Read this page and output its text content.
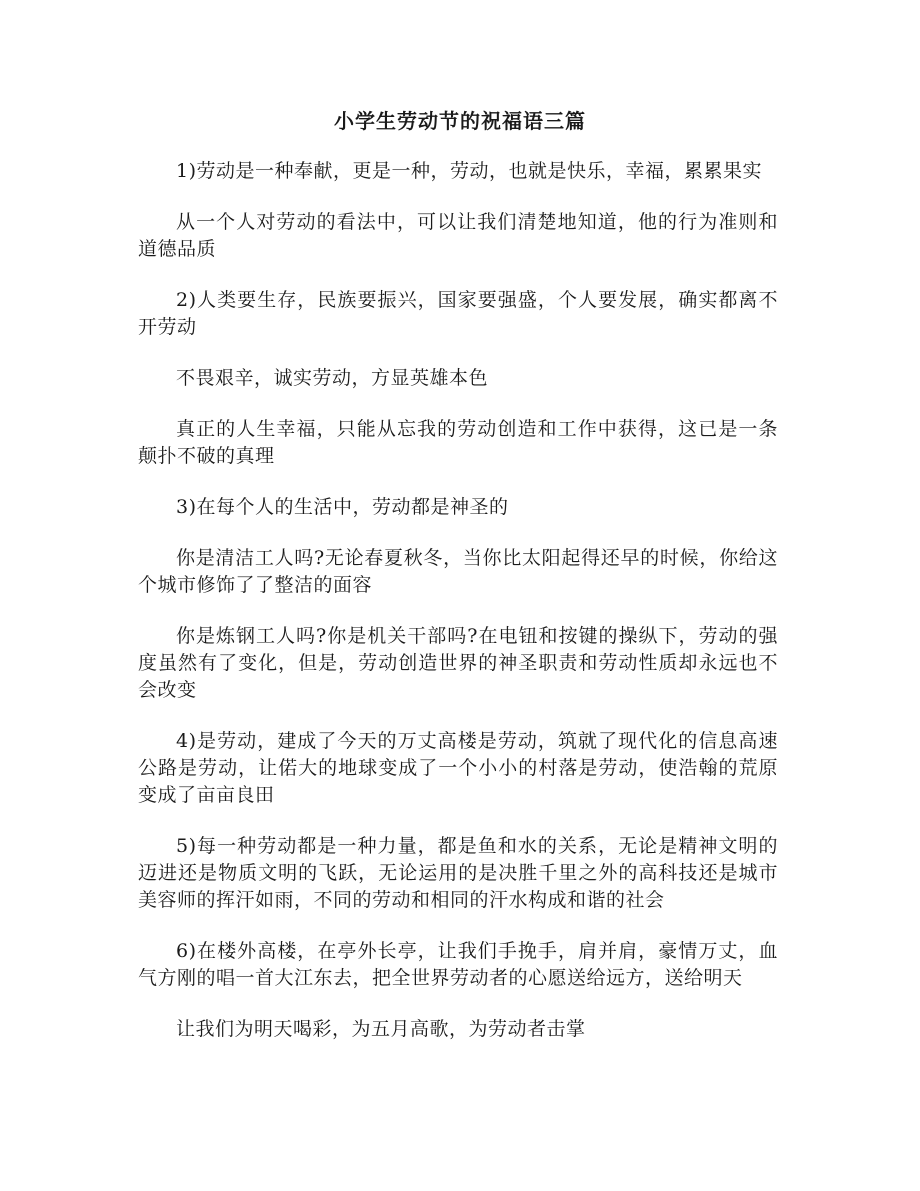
小学生劳动节的祝福语三篇

1)劳动是一种奉献，更是一种，劳动，也就是快乐，幸福，累累果实

从一个人对劳动的看法中，可以让我们清楚地知道，他的行为准则和道德品质

2)人类要生存，民族要振兴，国家要强盛，个人要发展，确实都离不开劳动

不畏艰辛，诚实劳动，方显英雄本色

真正的人生幸福，只能从忘我的劳动创造和工作中获得，这已是一条颠扑不破的真理

3)在每个人的生活中，劳动都是神圣的

你是清洁工人吗?无论春夏秋冬，当你比太阳起得还早的时候，你给这个城市修饰了了整洁的面容

你是炼钢工人吗?你是机关干部吗?在电钮和按键的操纵下，劳动的强度虽然有了变化，但是，劳动创造世界的神圣职责和劳动性质却永远也不会改变

4)是劳动，建成了今天的万丈高楼是劳动，筑就了现代化的信息高速公路是劳动，让偌大的地球变成了一个小小的村落是劳动，使浩翰的荒原变成了亩亩良田

5)每一种劳动都是一种力量，都是鱼和水的关系，无论是精神文明的迈进还是物质文明的飞跃，无论运用的是决胜千里之外的高科技还是城市美容师的挥汗如雨，不同的劳动和相同的汗水构成和谐的社会

6)在楼外高楼，在亭外长亭，让我们手挽手，肩并肩，豪情万丈，血气方刚的唱一首大江东去，把全世界劳动者的心愿送给远方，送给明天

让我们为明天喝彩，为五月高歌，为劳动者击掌
